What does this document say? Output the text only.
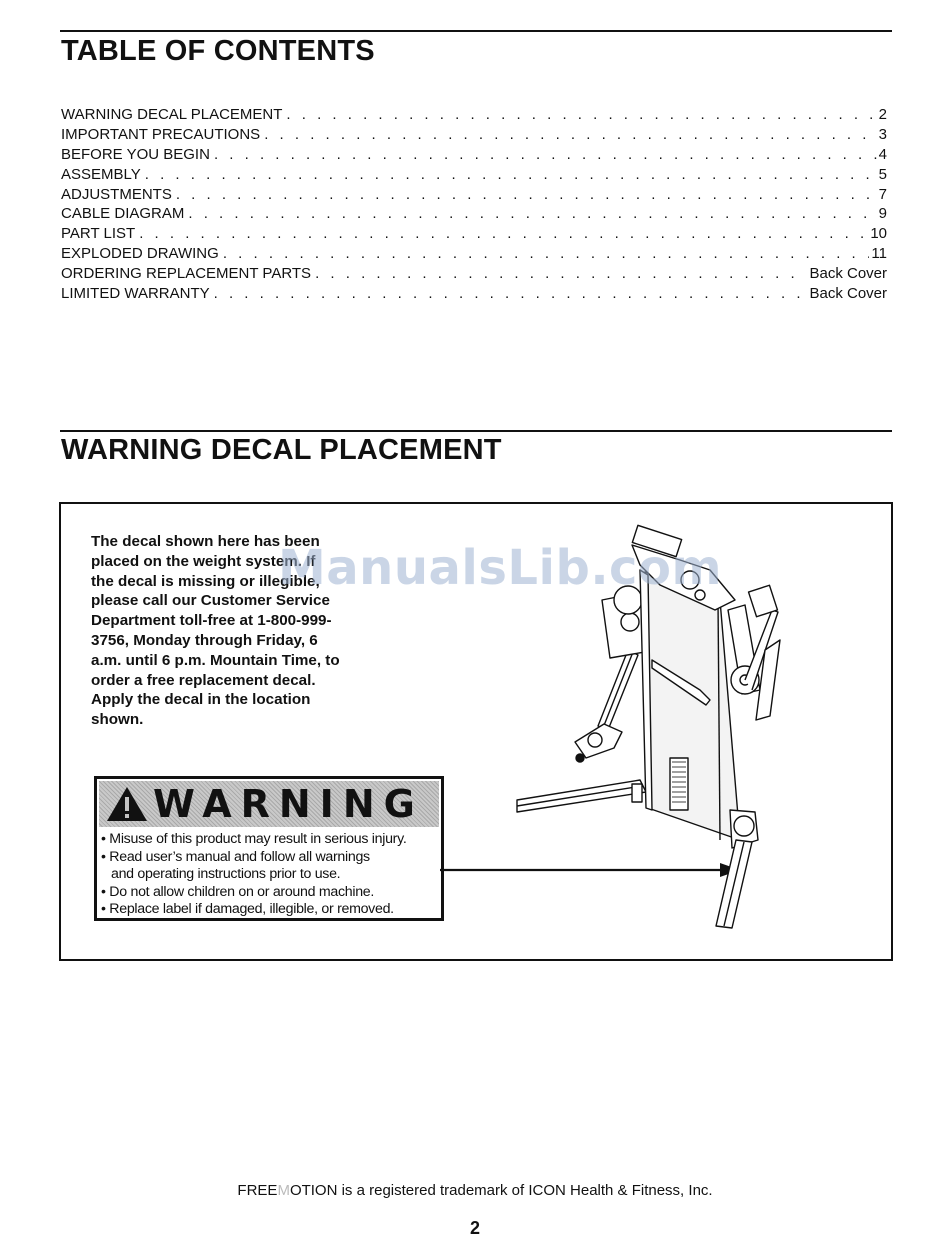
TABLE OF CONTENTS
WARNING DECAL PLACEMENT . . .	2
IMPORTANT PRECAUTIONS . . .	3
BEFORE YOU BEGIN . . .	4
ASSEMBLY . . .	5
ADJUSTMENTS . . .	7
CABLE DIAGRAM . . .	9
PART LIST . . .	10
EXPLODED DRAWING . . .	11
ORDERING REPLACEMENT PARTS . . .	Back Cover
LIMITED WARRANTY . . .	Back Cover
WARNING DECAL PLACEMENT

The decal shown here has been placed on the weight system. If the decal is missing or illegible, please call our Customer Service Department toll-free at 1-800-999-3756, Monday through Friday, 6 a.m. until 6 p.m. Mountain Time, to order a free replacement decal. Apply the decal in the location shown.

WARNING
• Misuse of this product may result in serious injury.
• Read user’s manual and follow all warnings
and operating instructions prior to use.
• Do not allow children on or around machine.
• Replace label if damaged, illegible, or removed.
ManualsLib.com
FREEMOTION is a registered trademark of ICON Health & Fitness, Inc.
2
